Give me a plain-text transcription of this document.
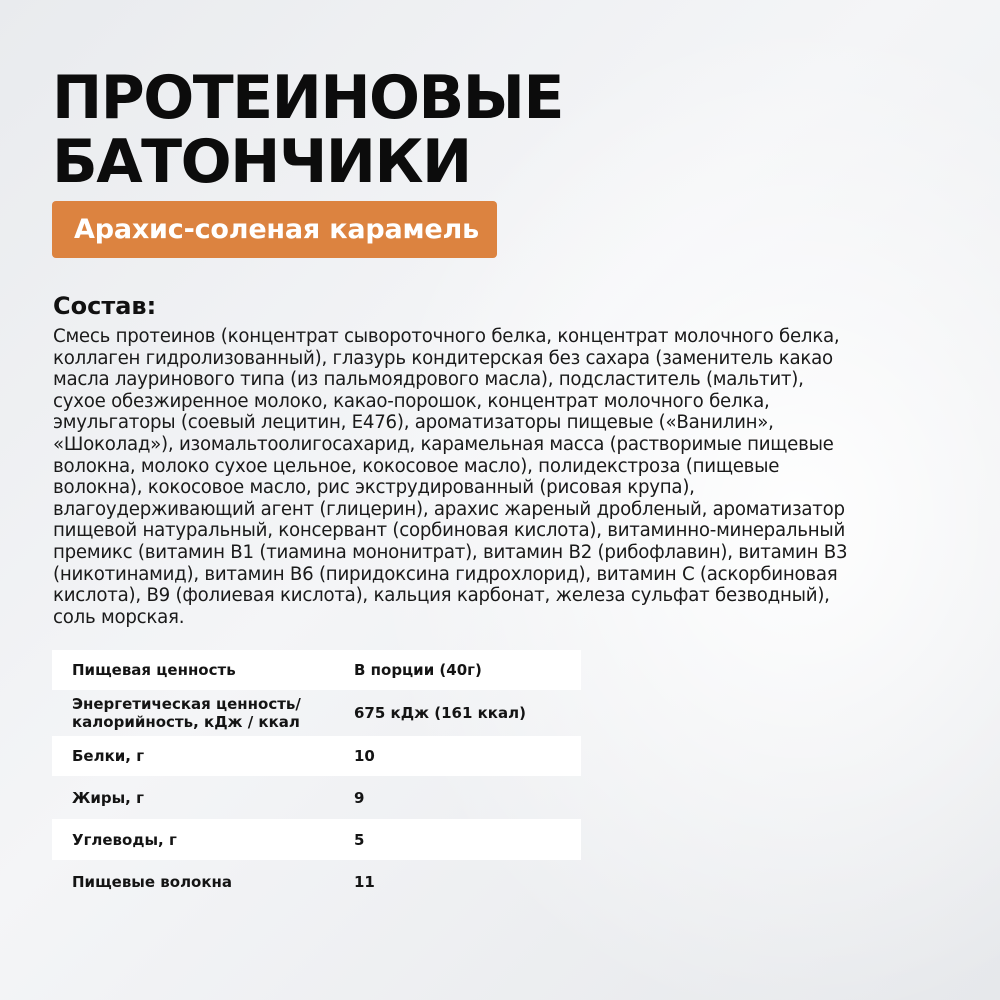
ПРОТЕИНОВЫЕ
БАТОНЧИКИ
Арахис-соленая карамель
Состав:
Смесь протеинов (концентрат сывороточного белка, концентрат молочного белка,
коллаген гидролизованный), глазурь кондитерская без сахара (заменитель какао
масла лауринового типа (из пальмоядрового масла), подсластитель (мальтит),
сухое обезжиренное молоко, какао-порошок, концентрат молочного белка,
эмульгаторы (соевый лецитин, Е476), ароматизаторы пищевые («Ванилин»,
«Шоколад»), изомальтоолигосахарид, карамельная масса (растворимые пищевые
волокна, молоко сухое цельное, кокосовое масло), полидекстроза (пищевые
волокна), кокосовое масло, рис экструдированный (рисовая крупа),
влагоудерживающий агент (глицерин), арахис жареный дробленый, ароматизатор
пищевой натуральный, консервант (сорбиновая кислота), витаминно-минеральный
премикс (витамин В1 (тиамина мононитрат), витамин В2 (рибофлавин), витамин В3
(никотинамид), витамин В6 (пиридоксина гидрохлорид), витамин С (аскорбиновая
кислота), В9 (фолиевая кислота), кальция карбонат, железа сульфат безводный),
соль морская.
Пищевая ценность	В порции (40г)

Энергетическая ценность/
калорийность, кДж / ккал	675 кДж (161 ккал)
Белки, г	10
Жиры, г	9
Углеводы, г	5
Пищевые волокна	11
